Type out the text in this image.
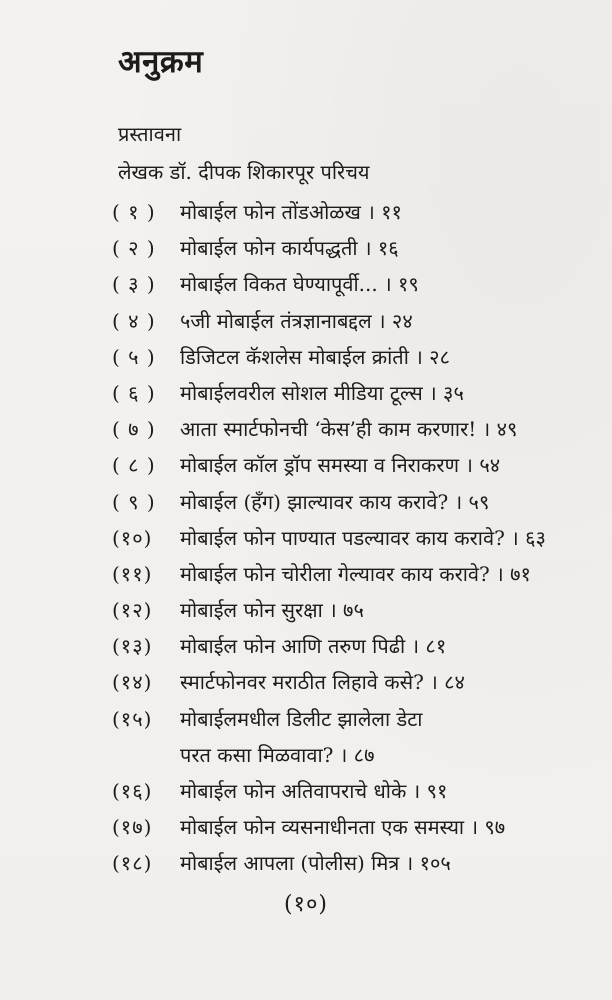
अनुक्रम
प्रस्तावना
लेखक डॉ. दीपक शिकारपूर परिचय
( १ )	मोबाईल फोन तोंडओळख । ११
( २ )	मोबाईल फोन कार्यपद्धती । १६
( ३ )	मोबाईल विकत घेण्यापूर्वी... । १९
( ४ )	५जी मोबाईल तंत्रज्ञानाबद्दल । २४
( ५ )	डिजिटल कॅशलेस मोबाईल क्रांती । २८
( ६ )	मोबाईलवरील सोशल मीडिया टूल्स । ३५
( ७ )	आता स्मार्टफोनची ‘केस’ही काम करणार! । ४९
( ८ )	मोबाईल कॉल ड्रॉप समस्या व निराकरण । ५४
( ९ )	मोबाईल (हँग) झाल्यावर काय करावे? । ५९
(१०)	मोबाईल फोन पाण्यात पडल्यावर काय करावे? । ६३
(११)	मोबाईल फोन चोरीला गेल्यावर काय करावे? । ७१
(१२)	मोबाईल फोन सुरक्षा । ७५
(१३)	मोबाईल फोन आणि तरुण पिढी । ८१
(१४)	स्मार्टफोनवर मराठीत लिहावे कसे? । ८४
(१५)	मोबाईलमधील डिलीट झालेला डेटा
परत कसा मिळवावा? । ८७
(१६)	मोबाईल फोन अतिवापराचे धोके । ९१
(१७)	मोबाईल फोन व्यसनाधीनता एक समस्या । ९७
(१८)	मोबाईल आपला (पोलीस) मित्र । १०५
(१०)
